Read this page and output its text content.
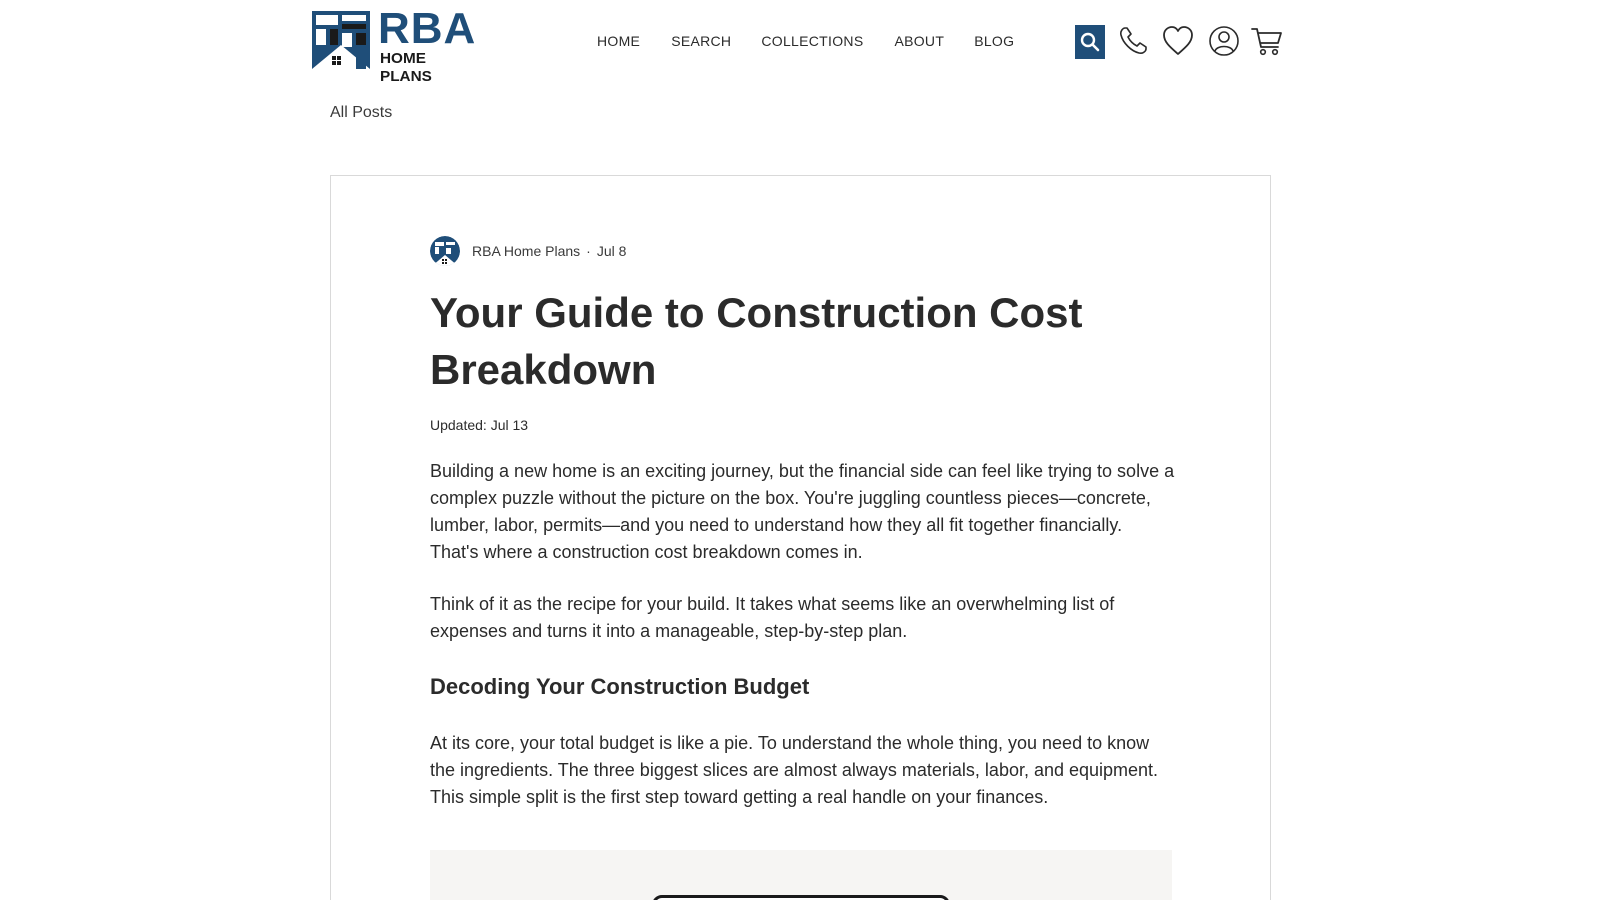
RBA
HOME PLANS
HOME SEARCH COLLECTIONS ABOUT BLOG
All Posts
RBA Home Plans · Jul 8
Your Guide to Construction Cost Breakdown
Updated: Jul 13

Building a new home is an exciting journey, but the financial side can feel like trying to solve a complex puzzle without the picture on the box. You're juggling countless pieces—concrete, lumber, labor, permits—and you need to understand how they all fit together financially. That's where a construction cost breakdown comes in.

Think of it as the recipe for your build. It takes what seems like an overwhelming list of expenses and turns it into a manageable, step-by-step plan.

Decoding Your Construction Budget

At its core, your total budget is like a pie. To understand the whole thing, you need to know the ingredients. The three biggest slices are almost always materials, labor, and equipment. This simple split is the first step toward getting a real handle on your finances.
